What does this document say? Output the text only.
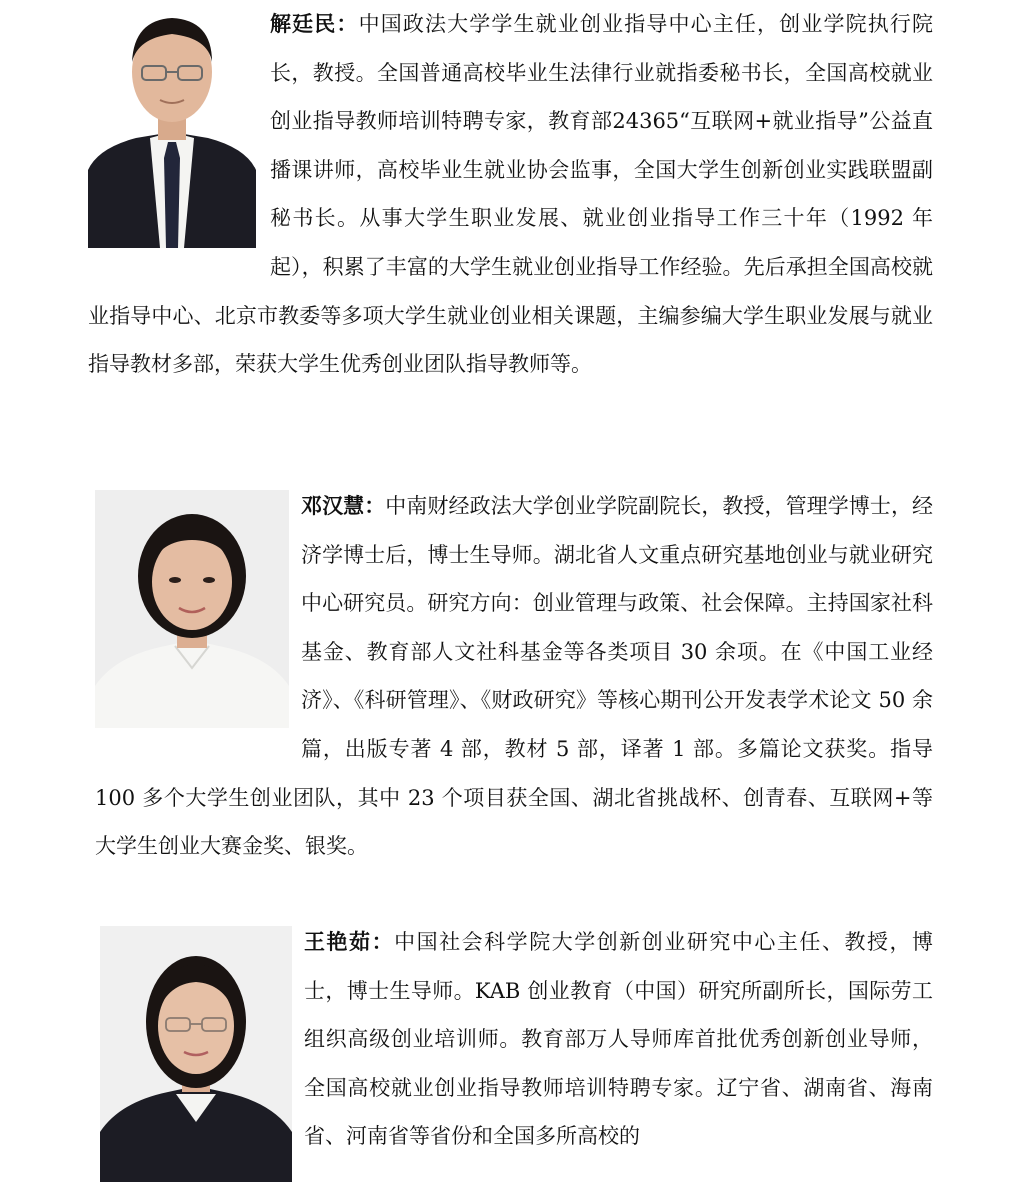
解廷民：中国政法大学学生就业创业指导中心主任，创业学院执行院长，教授。全国普通高校毕业生法律行业就指委秘书长，全国高校就业创业指导教师培训特聘专家，教育部24365“互联网+就业指导”公益直播课讲师，高校毕业生就业协会监事，全国大学生创新创业实践联盟副秘书长。从事大学生职业发展、就业创业指导工作三十年（1992 年起），积累了丰富的大学生就业创业指导工作经验。先后承担全国高校就业指导中心、北京市教委等多项大学生就业创业相关课题，主编参编大学生职业发展与就业指导教材多部，荣获大学生优秀创业团队指导教师等。
邓汉慧：中南财经政法大学创业学院副院长，教授，管理学博士，经济学博士后，博士生导师。湖北省人文重点研究基地创业与就业研究中心研究员。研究方向：创业管理与政策、社会保障。主持国家社科基金、教育部人文社科基金等各类项目 30 余项。在《中国工业经济》、《科研管理》、《财政研究》等核心期刊公开发表学术论文 50 余篇，出版专著 4 部，教材 5 部，译著 1 部。多篇论文获奖。指导 100 多个大学生创业团队，其中 23 个项目获全国、湖北省挑战杯、创青春、互联网+等大学生创业大赛金奖、银奖。
王艳茹：中国社会科学院大学创新创业研究中心主任、教授，博士，博士生导师。KAB 创业教育（中国）研究所副所长，国际劳工组织高级创业培训师。教育部万人导师库首批优秀创新创业导师，全国高校就业创业指导教师培训特聘专家。辽宁省、湖南省、海南省、河南省等省份和全国多所高校的
